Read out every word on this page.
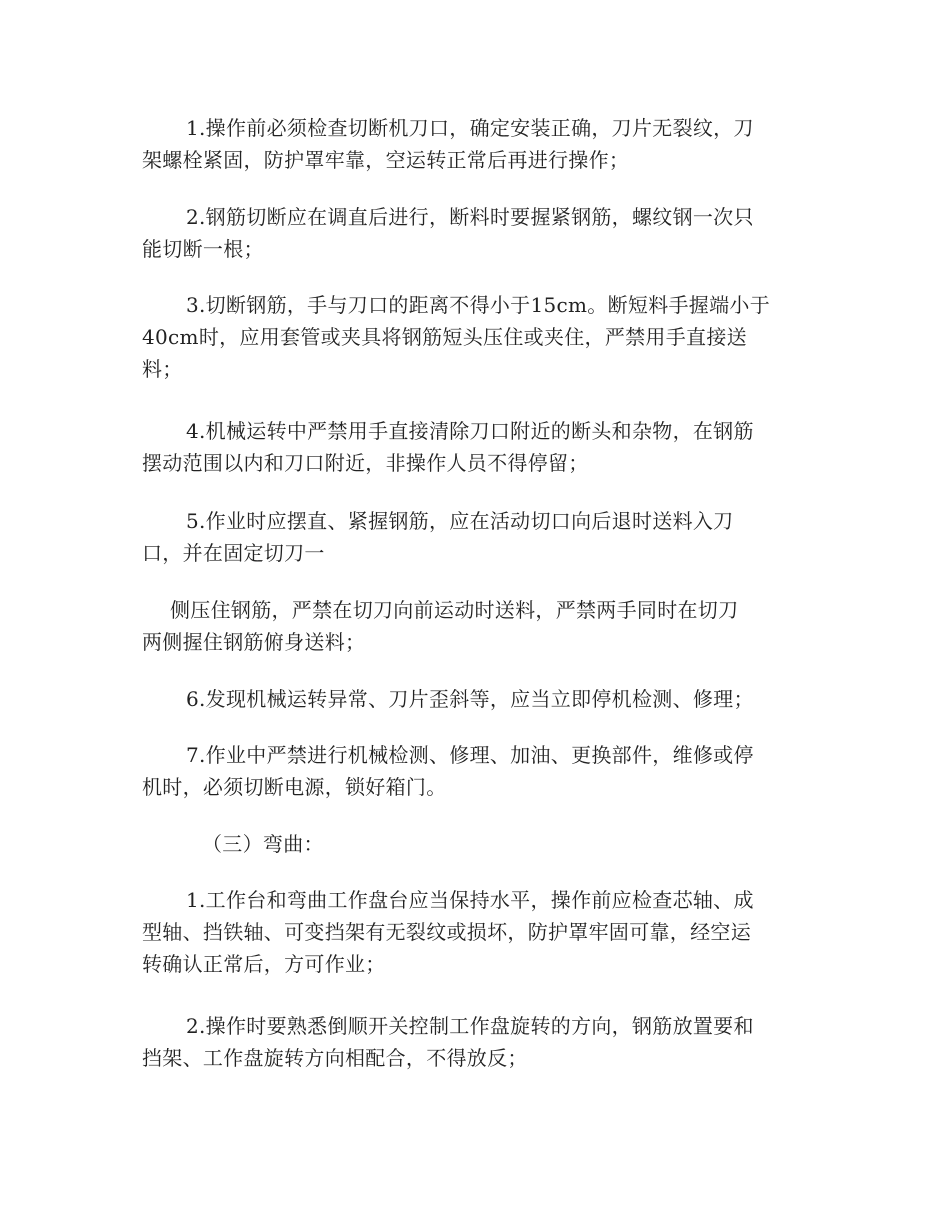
1.操作前必须检查切断机刀口，确定安装正确，刀片无裂纹，刀
架螺栓紧固，防护罩牢靠，空运转正常后再进行操作；

2.钢筋切断应在调直后进行，断料时要握紧钢筋，螺纹钢一次只
能切断一根；

3.切断钢筋，手与刀口的距离不得小于15cm。断短料手握端小于
40cm时，应用套管或夹具将钢筋短头压住或夹住，严禁用手直接送
料；

4.机械运转中严禁用手直接清除刀口附近的断头和杂物，在钢筋
摆动范围以内和刀口附近，非操作人员不得停留；

5.作业时应摆直、紧握钢筋，应在活动切口向后退时送料入刀
口，并在固定切刀一

侧压住钢筋，严禁在切刀向前运动时送料，严禁两手同时在切刀
两侧握住钢筋俯身送料；

6.发现机械运转异常、刀片歪斜等，应当立即停机检测、修理；

7.作业中严禁进行机械检测、修理、加油、更换部件，维修或停
机时，必须切断电源，锁好箱门。

（三）弯曲：

1.工作台和弯曲工作盘台应当保持水平，操作前应检查芯轴、成
型轴、挡铁轴、可变挡架有无裂纹或损坏，防护罩牢固可靠，经空运
转确认正常后，方可作业；

2.操作时要熟悉倒顺开关控制工作盘旋转的方向，钢筋放置要和
挡架、工作盘旋转方向相配合，不得放反；
